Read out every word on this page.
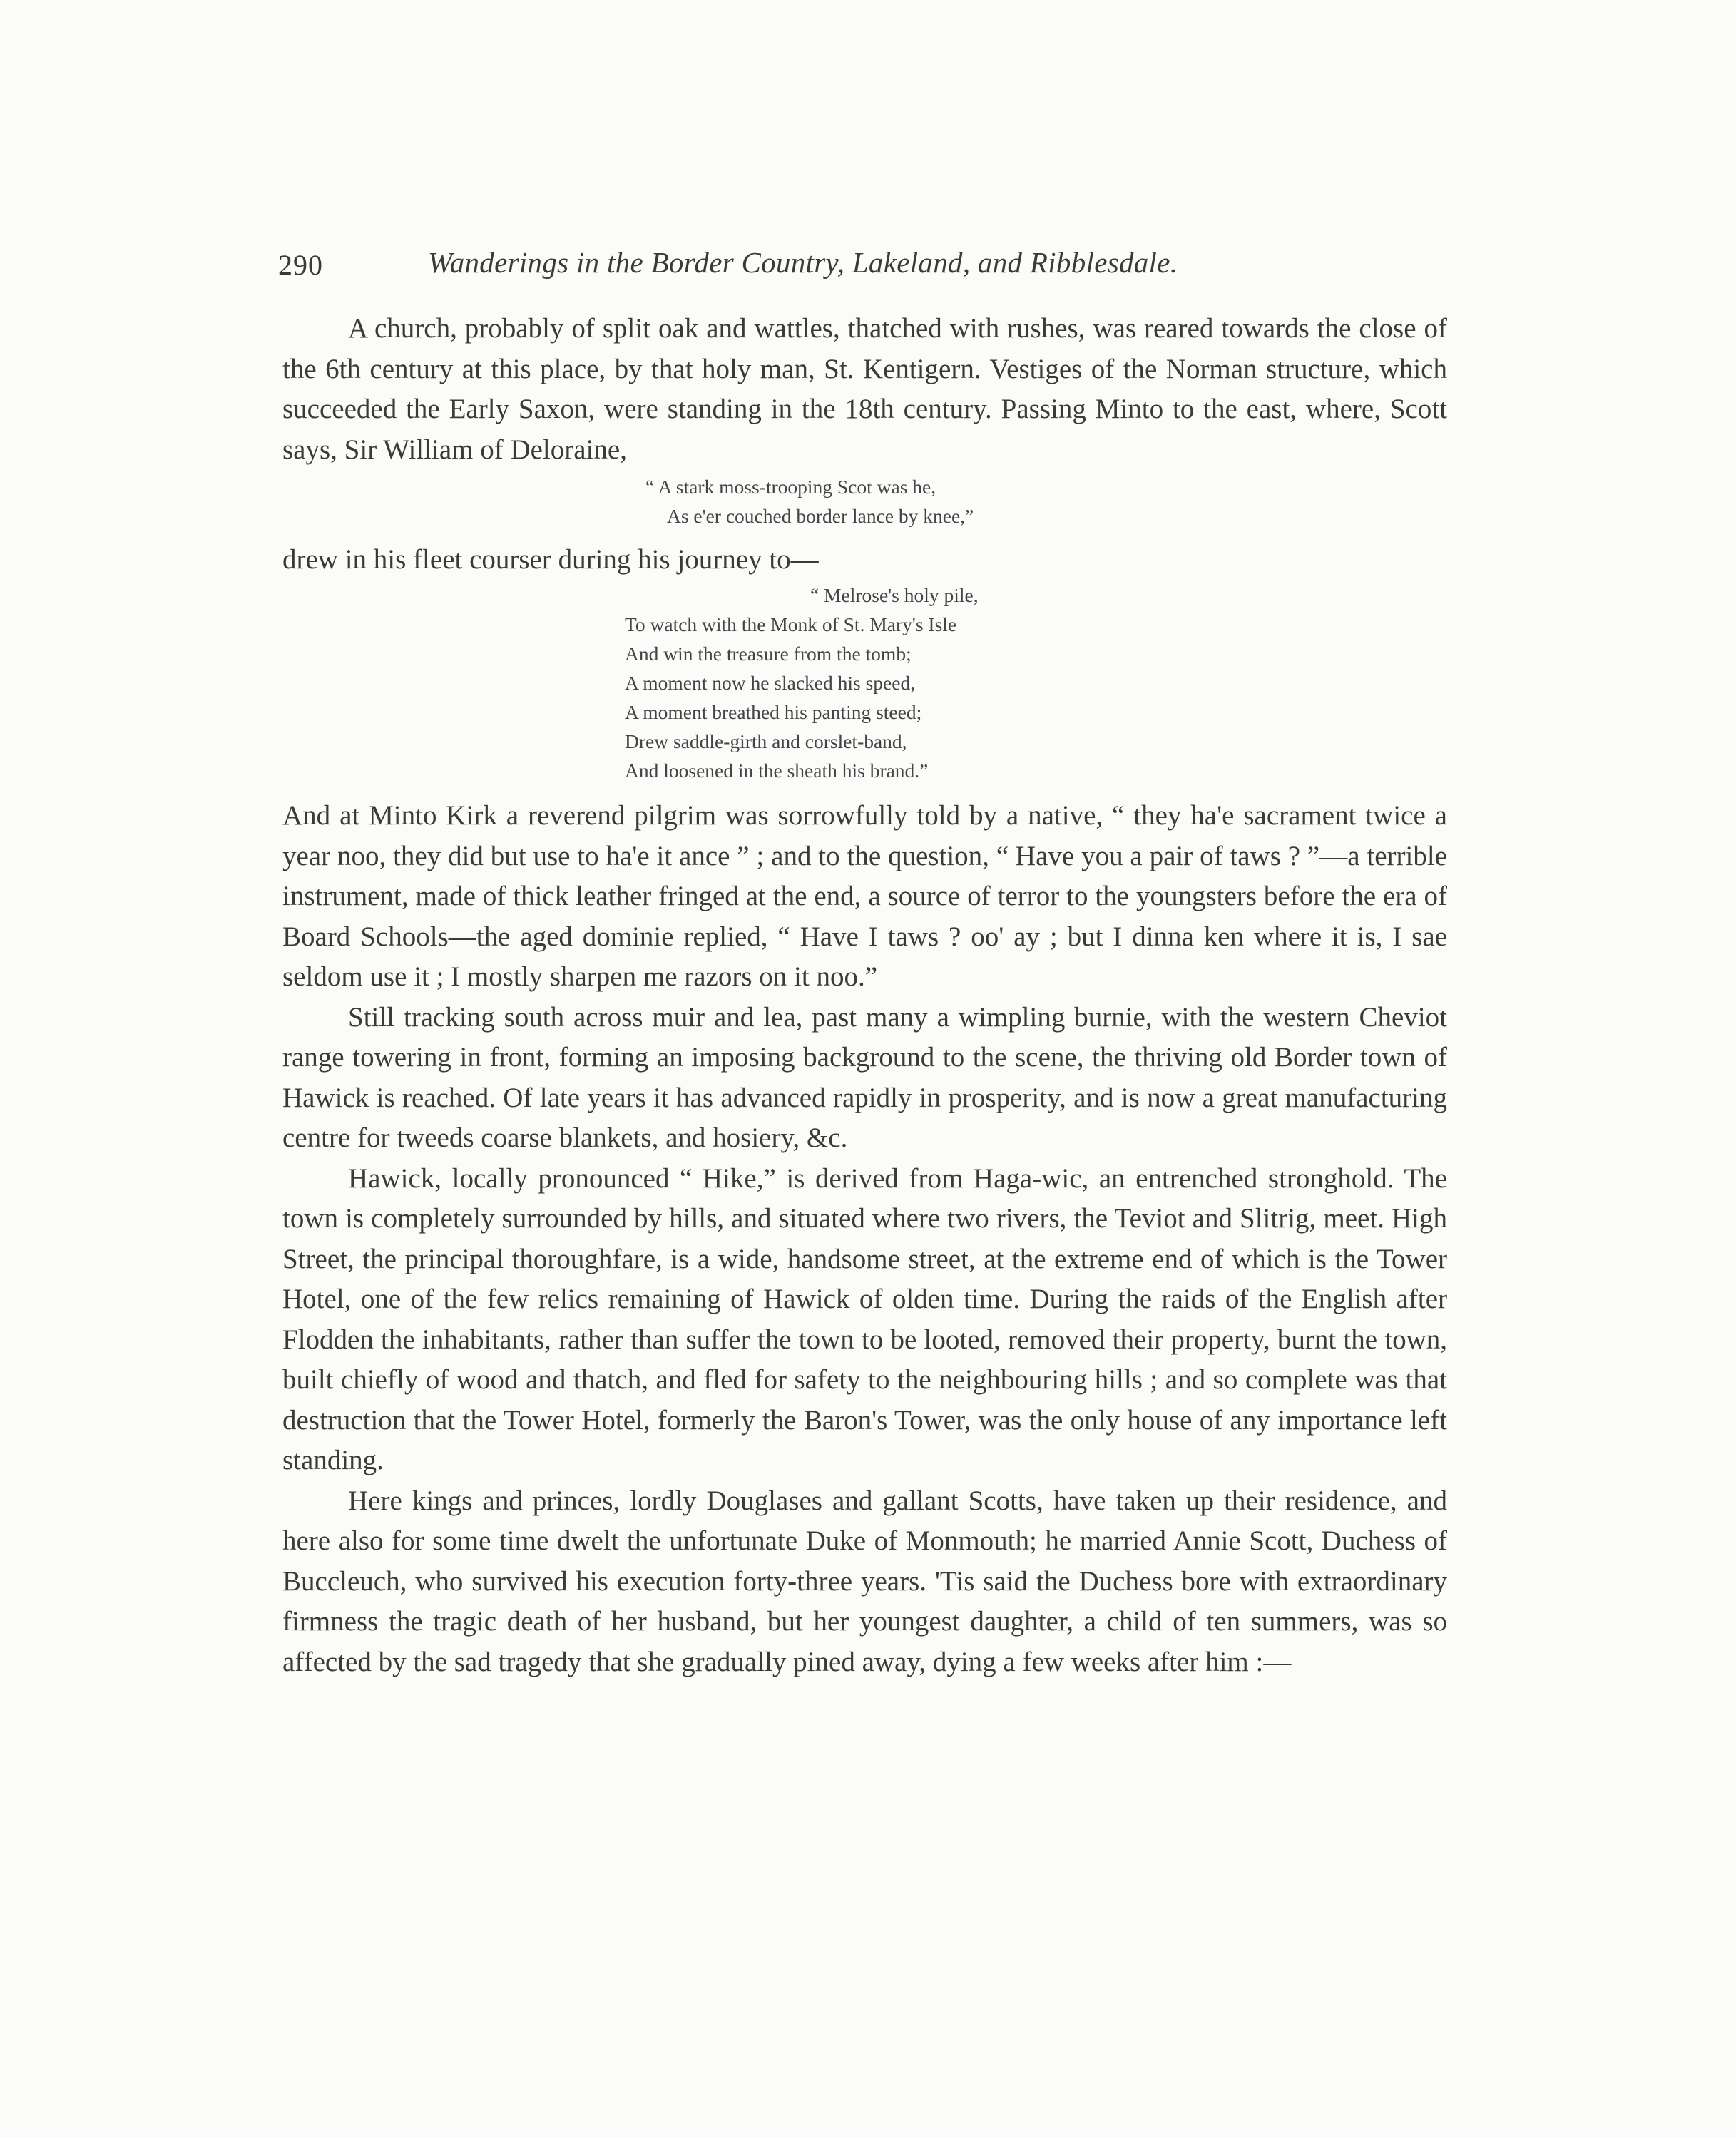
290	Wanderings in the Border Country, Lakeland, and Ribblesdale.

A church, probably of split oak and wattles, thatched with rushes, was reared towards the close of the 6th century at this place, by that holy man, St. Kentigern. Vestiges of the Norman structure, which succeeded the Early Saxon, were standing in the 18th century. Passing Minto to the east, where, Scott says, Sir William of Deloraine,

“ A stark moss-trooping Scot was he,
As e'er couched border lance by knee,”

drew in his fleet courser during his journey to—

“ Melrose's holy pile,
To watch with the Monk of St. Mary's Isle
And win the treasure from the tomb;
A moment now he slacked his speed,
A moment breathed his panting steed;
Drew saddle-girth and corslet-band,
And loosened in the sheath his brand.”

And at Minto Kirk a reverend pilgrim was sorrowfully told by a native, “ they ha'e sacrament twice a year noo, they did but use to ha'e it ance ” ; and to the question, “ Have you a pair of taws ? ”—a terrible instrument, made of thick leather fringed at the end, a source of terror to the youngsters before the era of Board Schools—the aged dominie replied, “ Have I taws ? oo' ay ; but I dinna ken where it is, I sae seldom use it ; I mostly sharpen me razors on it noo.”

Still tracking south across muir and lea, past many a wimpling burnie, with the western Cheviot range towering in front, forming an imposing background to the scene, the thriving old Border town of Hawick is reached. Of late years it has advanced rapidly in prosperity, and is now a great manufacturing centre for tweeds coarse blankets, and hosiery, &c.

Hawick, locally pronounced “ Hike,” is derived from Haga-wic, an entrenched stronghold. The town is completely surrounded by hills, and situated where two rivers, the Teviot and Slitrig, meet. High Street, the principal thoroughfare, is a wide, handsome street, at the extreme end of which is the Tower Hotel, one of the few relics remaining of Hawick of olden time. During the raids of the English after Flodden the inhabitants, rather than suffer the town to be looted, removed their property, burnt the town, built chiefly of wood and thatch, and fled for safety to the neighbouring hills ; and so complete was that destruction that the Tower Hotel, formerly the Baron's Tower, was the only house of any importance left standing.

Here kings and princes, lordly Douglases and gallant Scotts, have taken up their residence, and here also for some time dwelt the unfortunate Duke of Monmouth; he married Annie Scott, Duchess of Buccleuch, who survived his execution forty-three years. 'Tis said the Duchess bore with extraordinary firmness the tragic death of her husband, but her youngest daughter, a child of ten summers, was so affected by the sad tragedy that she gradually pined away, dying a few weeks after him :—
